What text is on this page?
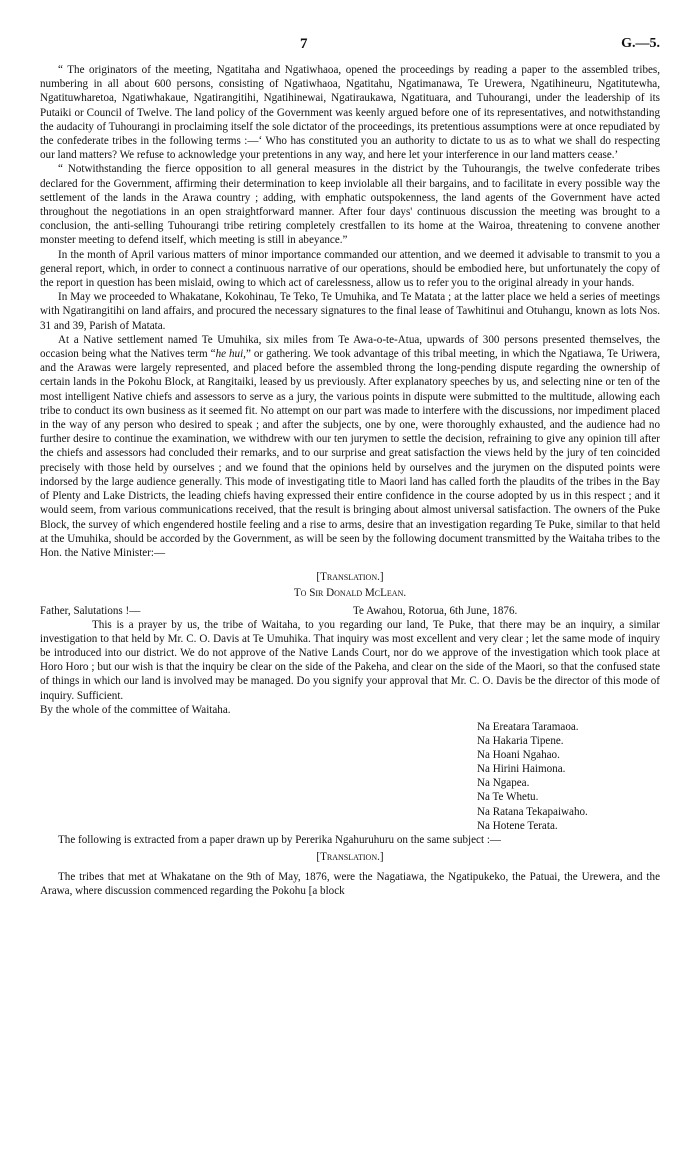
7	G.—5.

“ The originators of the meeting, Ngatitaha and Ngatiwhaoa, opened the proceedings by reading a paper to the assembled tribes, numbering in all about 600 persons, consisting of Ngatiwhaoa, Ngatitahu, Ngatimanawa, Te Urewera, Ngatihineuru, Ngatitutewha, Ngatituwharetoa, Ngatiwhakaue, Ngatirangitihi, Ngatihinewai, Ngatiraukawa, Ngatituara, and Tuhourangi, under the leadership of its Putaiki or Council of Twelve. The land policy of the Government was keenly argued before one of its representatives, and notwithstanding the audacity of Tuhourangi in proclaiming itself the sole dictator of the proceedings, its pretentious assumptions were at once repudiated by the confederate tribes in the following terms :—‘ Who has constituted you an authority to dictate to us as to what we shall do respecting our land matters? We refuse to acknowledge your pretentions in any way, and here let your interference in our land matters cease.’

“ Notwithstanding the fierce opposition to all general measures in the district by the Tuhourangis, the twelve confederate tribes declared for the Government, affirming their determination to keep inviolable all their bargains, and to facilitate in every possible way the settlement of the lands in the Arawa country ; adding, with emphatic outspokenness, the land agents of the Government have acted throughout the negotiations in an open straightforward manner. After four days' continuous discussion the meeting was brought to a conclusion, the anti-selling Tuhourangi tribe retiring completely crestfallen to its home at the Wairoa, threatening to convene another monster meeting to defend itself, which meeting is still in abeyance.”

In the month of April various matters of minor importance commanded our attention, and we deemed it advisable to transmit to you a general report, which, in order to connect a continuous narrative of our operations, should be embodied here, but unfortunately the copy of the report in question has been mislaid, owing to which act of carelessness, allow us to refer you to the original already in your hands.

In May we proceeded to Whakatane, Kokohinau, Te Teko, Te Umuhika, and Te Matata ; at the latter place we held a series of meetings with Ngatirangitihi on land affairs, and procured the necessary signatures to the final lease of Tawhitinui and Otuhangu, known as lots Nos. 31 and 39, Parish of Matata.

At a Native settlement named Te Umuhika, six miles from Te Awa-o-te-Atua, upwards of 300 persons presented themselves, the occasion being what the Natives term “he hui,” or gathering. We took advantage of this tribal meeting, in which the Ngatiawa, Te Uriwera, and the Arawas were largely represented, and placed before the assembled throng the long-pending dispute regarding the ownership of certain lands in the Pokohu Block, at Rangitaiki, leased by us previously. After explanatory speeches by us, and selecting nine or ten of the most intelligent Native chiefs and assessors to serve as a jury, the various points in dispute were submitted to the multitude, allowing each tribe to conduct its own business as it seemed fit. No attempt on our part was made to interfere with the discussions, nor impediment placed in the way of any person who desired to speak ; and after the subjects, one by one, were thoroughly exhausted, and the audience had no further desire to continue the examination, we withdrew with our ten jurymen to settle the decision, refraining to give any opinion till after the chiefs and assessors had concluded their remarks, and to our surprise and great satisfaction the views held by the jury of ten coincided precisely with those held by ourselves ; and we found that the opinions held by ourselves and the jurymen on the disputed points were indorsed by the large audience generally. This mode of investigating title to Maori land has called forth the plaudits of the tribes in the Bay of Plenty and Lake Districts, the leading chiefs having expressed their entire confidence in the course adopted by us in this respect ; and it would seem, from various communications received, that the result is bringing about almost universal satisfaction. The owners of the Puke Block, the survey of which engendered hostile feeling and a rise to arms, desire that an investigation regarding Te Puke, similar to that held at the Umuhika, should be accorded by the Government, as will be seen by the following document transmitted by the Waitaha tribes to the Hon. the Native Minister:—

[Translation.]
To Sir Donald McLean.
Father, Salutations !—	Te Awahou, Rotorua, 6th June, 1876.

This is a prayer by us, the tribe of Waitaha, to you regarding our land, Te Puke, that there may be an inquiry, a similar investigation to that held by Mr. C. O. Davis at Te Umuhika. That inquiry was most excellent and very clear ; let the same mode of inquiry be introduced into our district. We do not approve of the Native Lands Court, nor do we approve of the investigation which took place at Horo Horo ; but our wish is that the inquiry be clear on the side of the Pakeha, and clear on the side of the Maori, so that the confused state of things in which our land is involved may be managed. Do you signify your approval that Mr. C. O. Davis be the director of this mode of inquiry. Sufficient.

By the whole of the committee of Waitaha.

Na Ereatara Taramaoa.
Na Hakaria Tipene.
Na Hoani Ngahao.
Na Hirini Haimona.
Na Ngapea.
Na Te Whetu.
Na Ratana Tekapaiwaho.
Na Hotene Terata.

The following is extracted from a paper drawn up by Pererika Ngahuruhuru on the same subject :—

[Translation.]

The tribes that met at Whakatane on the 9th of May, 1876, were the Nagatiawa, the Ngatipukeko, the Patuai, the Urewera, and the Arawa, where discussion commenced regarding the Pokohu [a block
